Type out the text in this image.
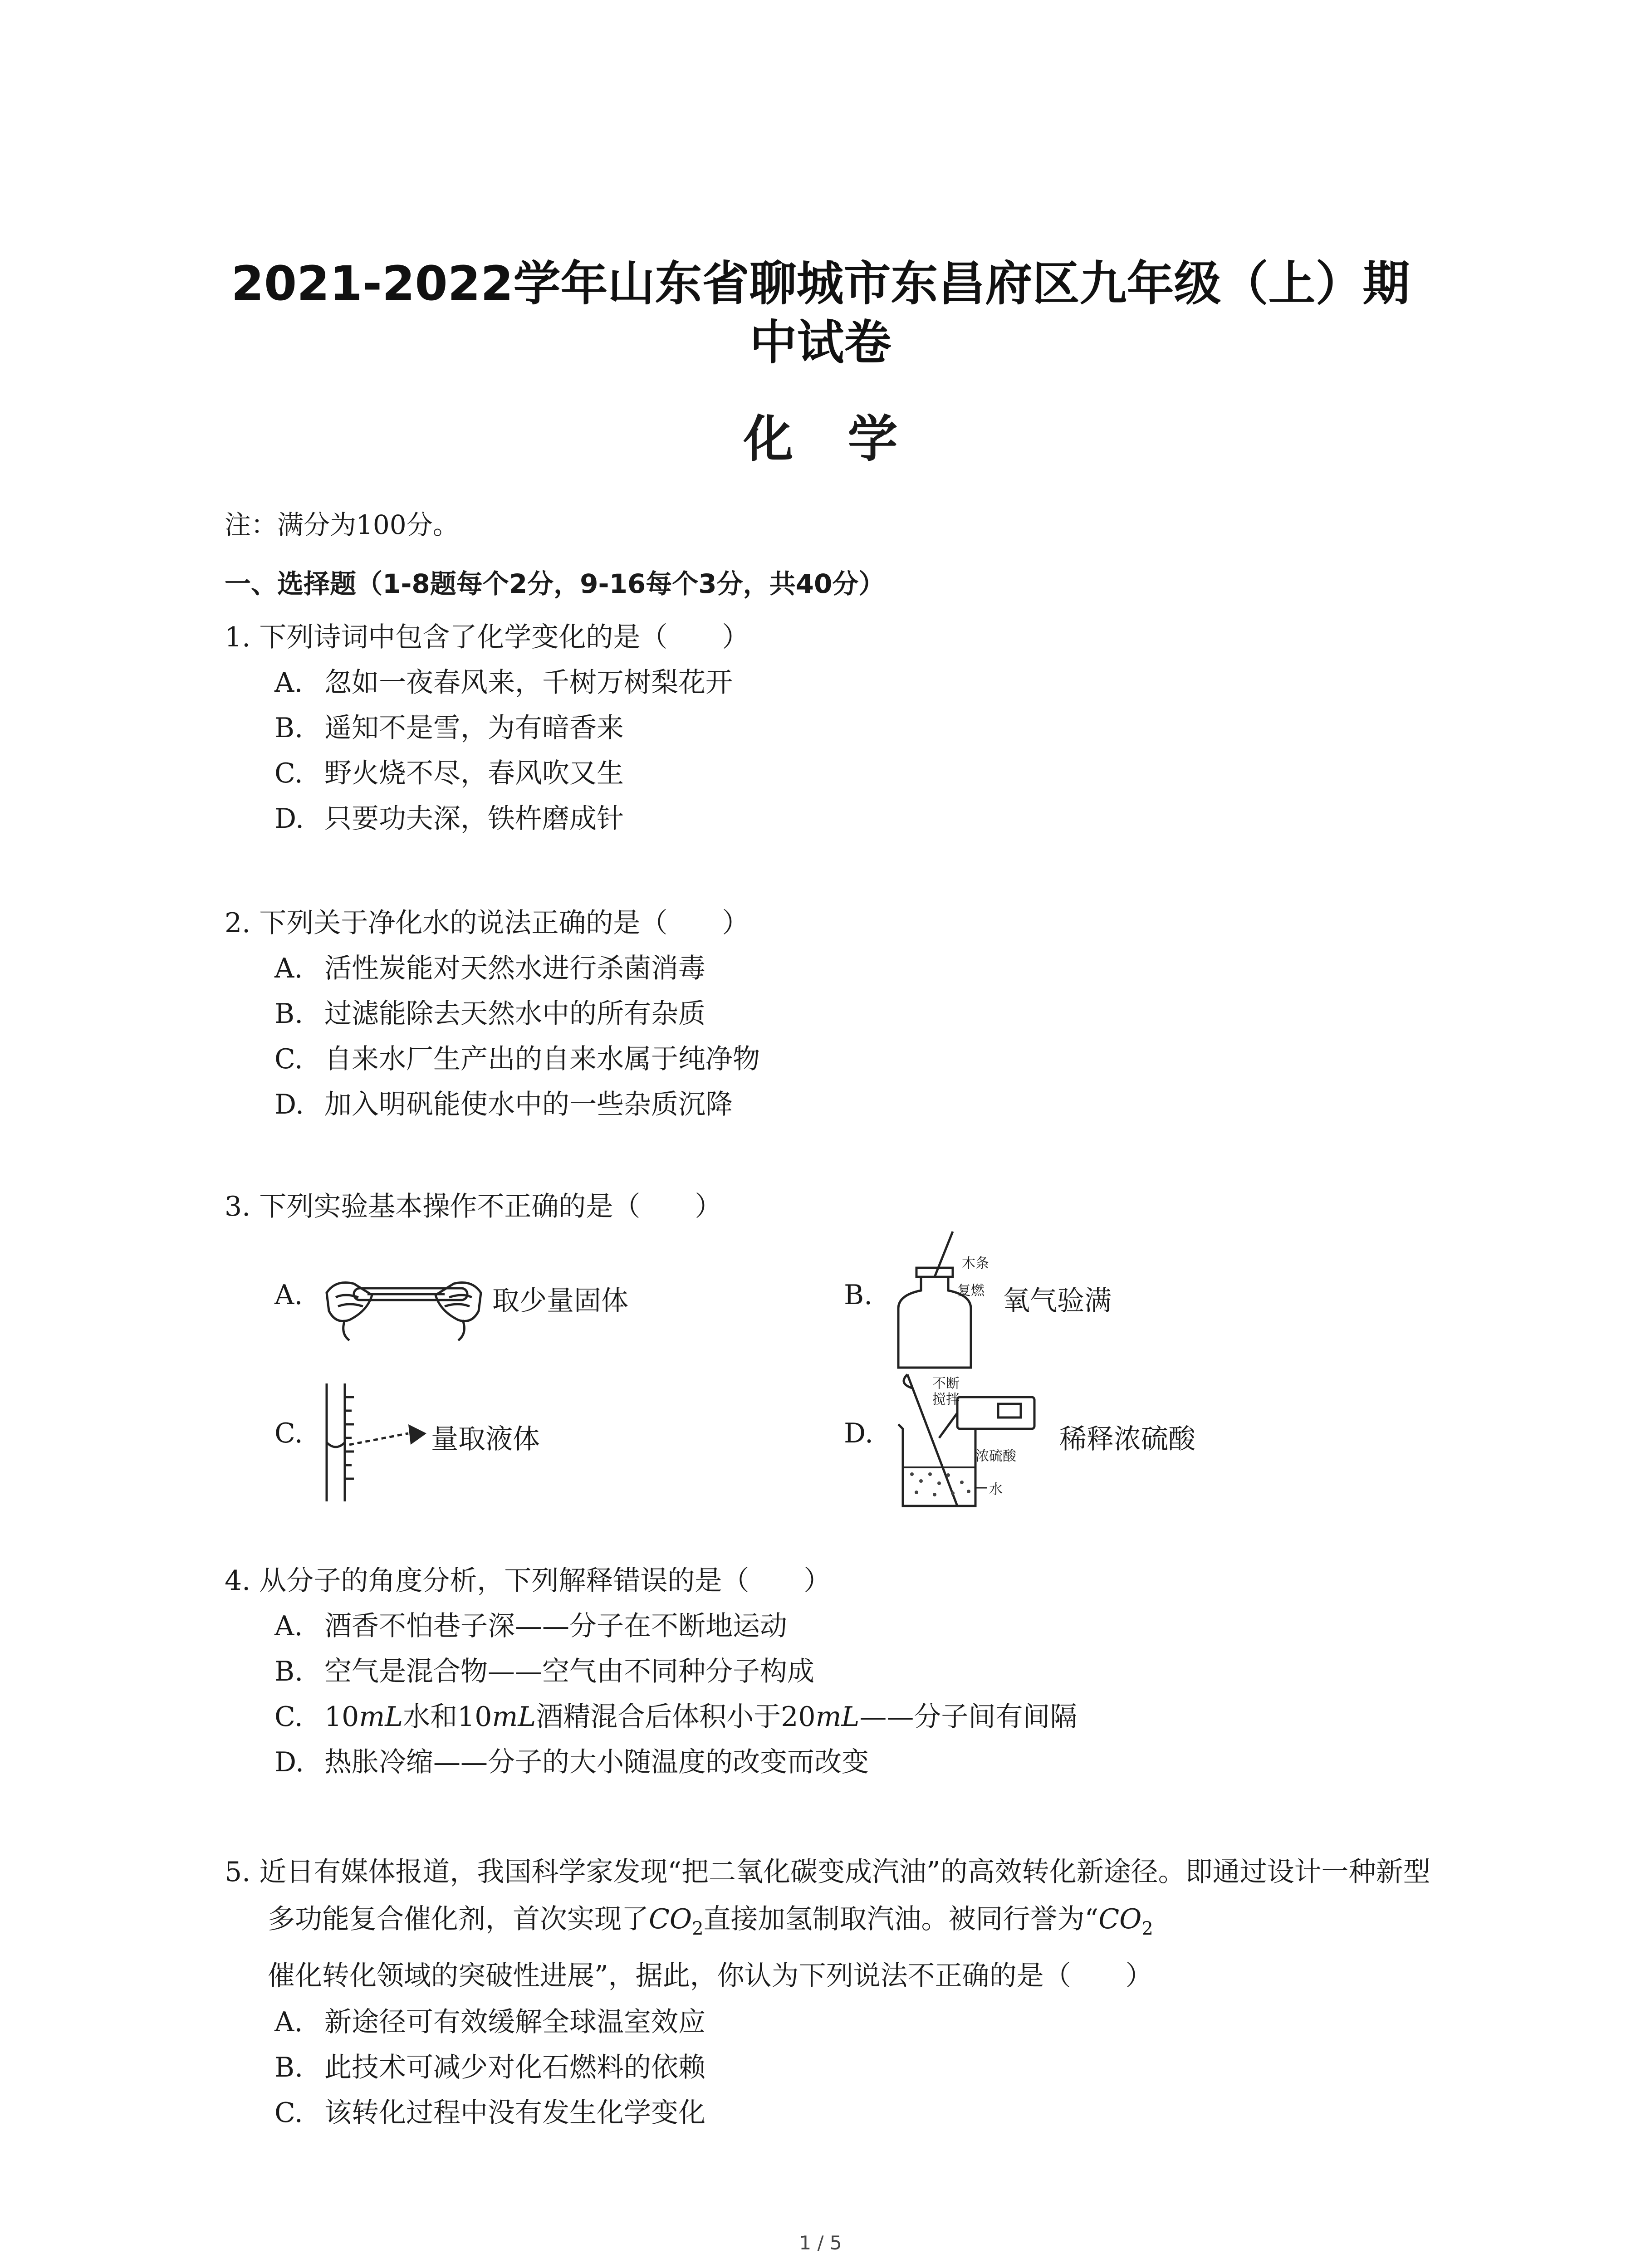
2021-2022学年山东省聊城市东昌府区九年级（上）期
中试卷
化学
注：满分为100分。
一、选择题（1-8题每个2分，9-16每个3分，共40分）
1. 下列诗词中包含了化学变化的是（　　）
A. 忽如一夜春风来，千树万树梨花开
B. 遥知不是雪，为有暗香来
C. 野火烧不尽，春风吹又生
D. 只要功夫深，铁杵磨成针
2. 下列关于净化水的说法正确的是（　　）
A. 活性炭能对天然水进行杀菌消毒
B. 过滤能除去天然水中的所有杂质
C. 自来水厂生产出的自来水属于纯净物
D. 加入明矾能使水中的一些杂质沉降
3. 下列实验基本操作不正确的是（　　）
A.	取少量固体	B.
木条
复燃 氧气验满
C.	量取液体	D.
不断
搅拌
浓硫酸
水
稀释浓硫酸
4. 从分子的角度分析，下列解释错误的是（　　）
A. 酒香不怕巷子深——分子在不断地运动
B. 空气是混合物——空气由不同种分子构成
C. 10mL水和10mL酒精混合后体积小于20mL——分子间有间隔
D. 热胀冷缩——分子的大小随温度的改变而改变
5. 近日有媒体报道，我国科学家发现“把二氧化碳变成汽油”的高效转化新途径。即通过设计一种新型多功能复合催化剂，首次实现了$CO_2$直接加氢制取汽油。被同行誉为“$CO_2$
催化转化领域的突破性进展”，据此，你认为下列说法不正确的是（　　）
A. 新途径可有效缓解全球温室效应
B. 此技术可减少对化石燃料的依赖
C. 该转化过程中没有发生化学变化
1 / 5
